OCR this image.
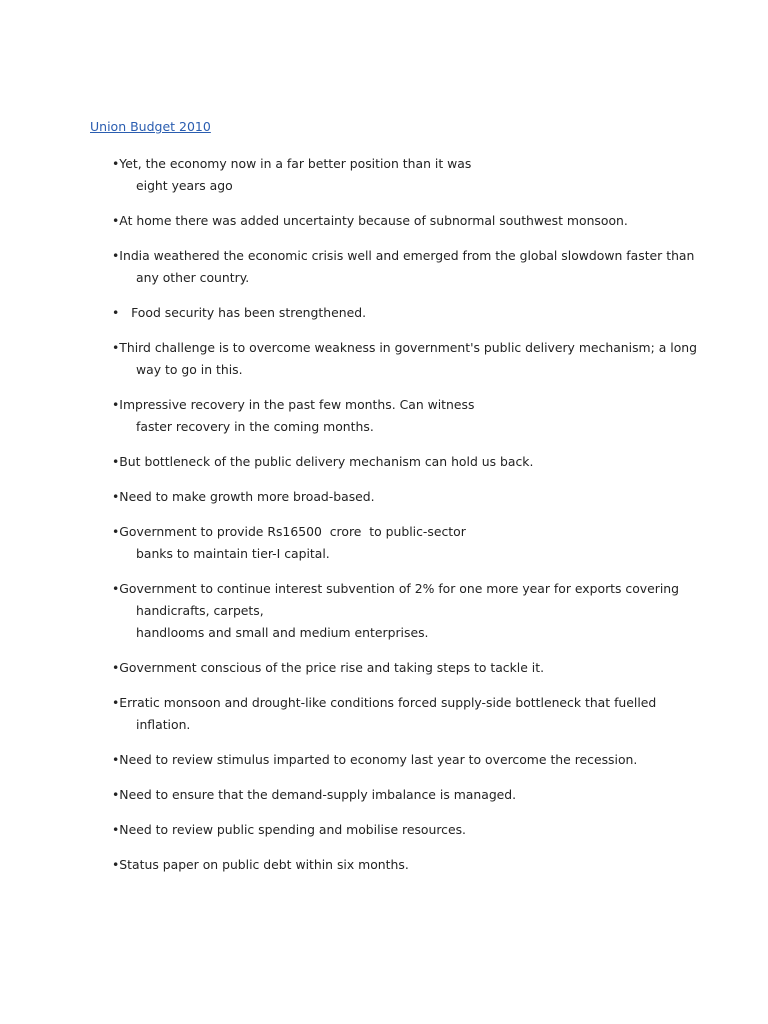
Union Budget 2010
•Yet, the economy now in a far better position than it was
eight years ago
•At home there was added uncertainty because of subnormal southwest monsoon.
•India weathered the economic crisis well and emerged from the global slowdown faster than
any other country.
•   Food security has been strengthened.
•Third challenge is to overcome weakness in government's public delivery mechanism; a long
way to go in this.
•Impressive recovery in the past few months. Can witness
faster recovery in the coming months.
•But bottleneck of the public delivery mechanism can hold us back.
•Need to make growth more broad-based.
•Government to provide Rs16500  crore  to public-sector
banks to maintain tier-I capital.
•Government to continue interest subvention of 2% for one more year for exports covering
handicrafts, carpets,
handlooms and small and medium enterprises.
•Government conscious of the price rise and taking steps to tackle it.
•Erratic monsoon and drought-like conditions forced supply-side bottleneck that fuelled
inflation.
•Need to review stimulus imparted to economy last year to overcome the recession.
•Need to ensure that the demand-supply imbalance is managed.
•Need to review public spending and mobilise resources.
•Status paper on public debt within six months.
